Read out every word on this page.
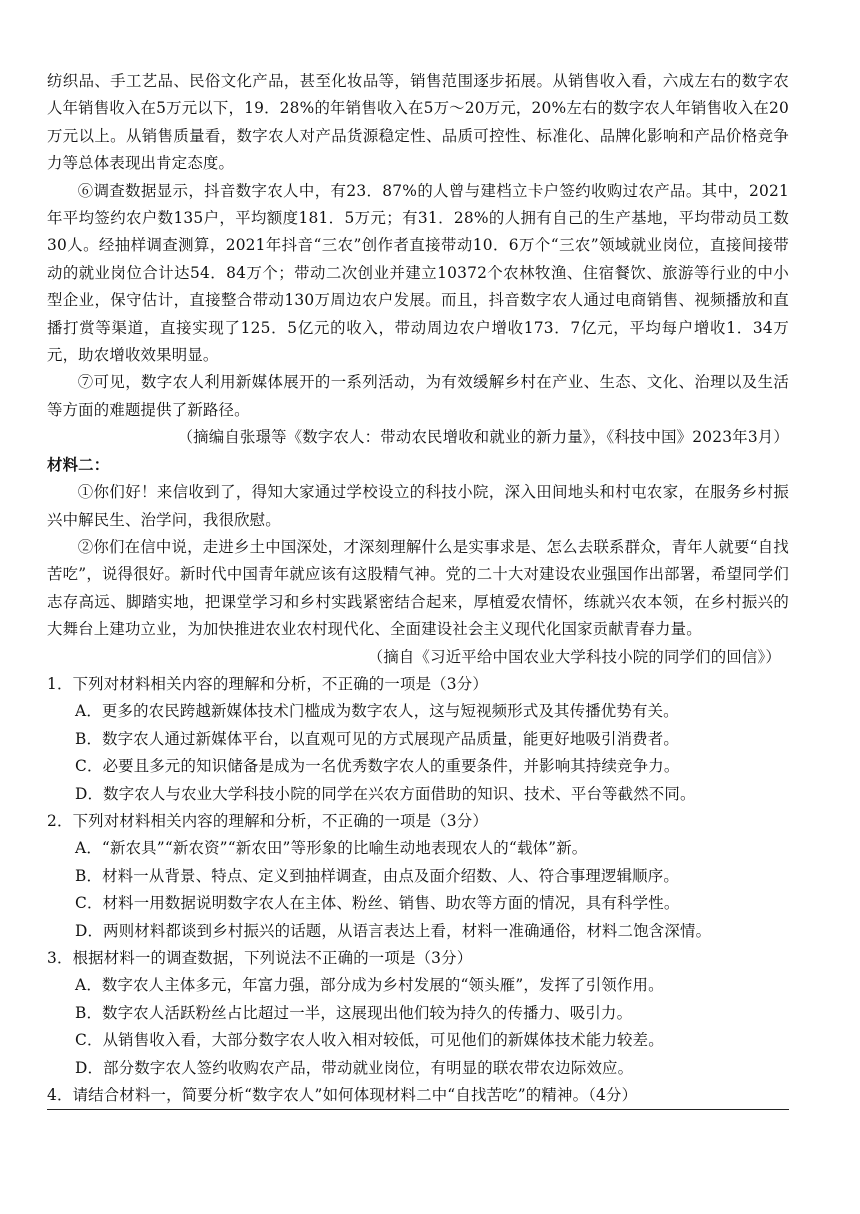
纺织品、手工艺品、民俗文化产品，甚至化妆品等，销售范围逐步拓展。从销售收入看，六成左右的数字农人年销售收入在5万元以下，19．28%的年销售收入在5万～20万元，20%左右的数字农人年销售收入在20万元以上。从销售质量看，数字农人对产品货源稳定性、品质可控性、标准化、品牌化影响和产品价格竞争力等总体表现出肯定态度。

⑥调查数据显示，抖音数字农人中，有23．87%的人曾与建档立卡户签约收购过农产品。其中，2021年平均签约农户数135户，平均额度181．5万元；有31．28%的人拥有自己的生产基地，平均带动员工数30人。经抽样调查测算，2021年抖音“三农”创作者直接带动10．6万个“三农”领域就业岗位，直接间接带动的就业岗位合计达54．84万个；带动二次创业并建立10372个农林牧渔、住宿餐饮、旅游等行业的中小型企业，保守估计，直接整合带动130万周边农户发展。而且，抖音数字农人通过电商销售、视频播放和直播打赏等渠道，直接实现了125．5亿元的收入，带动周边农户增收173．7亿元，平均每户增收1．34万元，助农增收效果明显。

⑦可见，数字农人利用新媒体展开的一系列活动，为有效缓解乡村在产业、生态、文化、治理以及生活等方面的难题提供了新路径。

（摘编自张璟等《数字农人：带动农民增收和就业的新力量》，《科技中国》2023年3月）

材料二：

①你们好！来信收到了，得知大家通过学校设立的科技小院，深入田间地头和村屯农家，在服务乡村振兴中解民生、治学问，我很欣慰。

②你们在信中说，走进乡土中国深处，才深刻理解什么是实事求是、怎么去联系群众，青年人就要“自找苦吃”，说得很好。新时代中国青年就应该有这股精气神。党的二十大对建设农业强国作出部署，希望同学们志存高远、脚踏实地，把课堂学习和乡村实践紧密结合起来，厚植爱农情怀，练就兴农本领，在乡村振兴的大舞台上建功立业，为加快推进农业农村现代化、全面建设社会主义现代化国家贡献青春力量。

（摘自《习近平给中国农业大学科技小院的同学们的回信》）

1．下列对材料相关内容的理解和分析，不正确的一项是（3分）

A．更多的农民跨越新媒体技术门槛成为数字农人，这与短视频形式及其传播优势有关。

B．数字农人通过新媒体平台，以直观可见的方式展现产品质量，能更好地吸引消费者。

C．必要且多元的知识储备是成为一名优秀数字农人的重要条件，并影响其持续竞争力。

D．数字农人与农业大学科技小院的同学在兴农方面借助的知识、技术、平台等截然不同。

2．下列对材料相关内容的理解和分析，不正确的一项是（3分）

A．“新农具”“新农资”“新农田”等形象的比喻生动地表现农人的“载体”新。

B．材料一从背景、特点、定义到抽样调查，由点及面介绍数、人、符合事理逻辑顺序。

C．材料一用数据说明数字农人在主体、粉丝、销售、助农等方面的情况，具有科学性。

D．两则材料都谈到乡村振兴的话题，从语言表达上看，材料一准确通俗，材料二饱含深情。

3．根据材料一的调查数据，下列说法不正确的一项是（3分）

A．数字农人主体多元，年富力强，部分成为乡村发展的“领头雁”，发挥了引领作用。

B．数字农人活跃粉丝占比超过一半，这展现出他们较为持久的传播力、吸引力。

C．从销售收入看，大部分数字农人收入相对较低，可见他们的新媒体技术能力较差。

D．部分数字农人签约收购农产品，带动就业岗位，有明显的联农带农边际效应。

4．请结合材料一，简要分析“数字农人”如何体现材料二中“自找苦吃”的精神。（4分）
